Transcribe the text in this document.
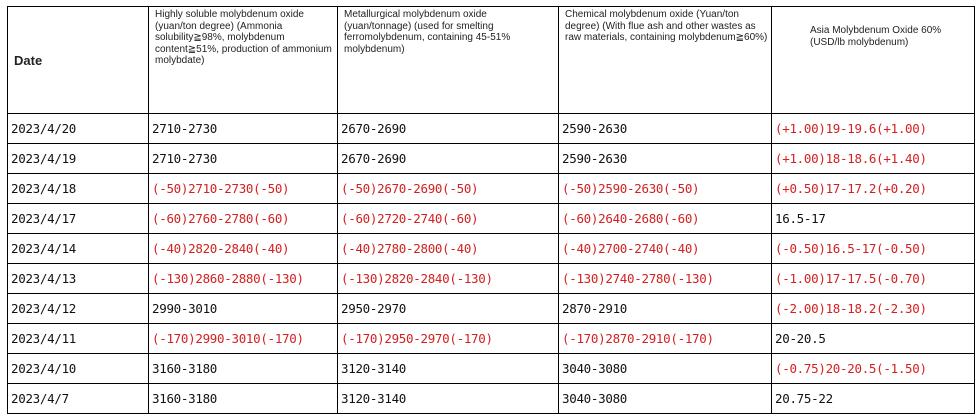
Date	Highly soluble molybdenum oxide (yuan/ton degree) (Ammonia solubility≧98%, molybdenum content≧51%, production of ammonium molybdate)	Metallurgical molybdenum oxide (yuan/tonnage) (used for smelting ferromolybdenum, containing 45-51% molybdenum)	Chemical molybdenum oxide (Yuan/ton degree) (With flue ash and other wastes as raw materials, containing molybdenum≧60%)	Asia Molybdenum Oxide 60% (USD/lb molybdenum)
2023/4/20	2710-2730	2670-2690	2590-2630	(+1.00)19-19.6(+1.00)
2023/4/19	2710-2730	2670-2690	2590-2630	(+1.00)18-18.6(+1.40)
2023/4/18	(-50)2710-2730(-50)	(-50)2670-2690(-50)	(-50)2590-2630(-50)	(+0.50)17-17.2(+0.20)
2023/4/17	(-60)2760-2780(-60)	(-60)2720-2740(-60)	(-60)2640-2680(-60)	16.5-17
2023/4/14	(-40)2820-2840(-40)	(-40)2780-2800(-40)	(-40)2700-2740(-40)	(-0.50)16.5-17(-0.50)
2023/4/13	(-130)2860-2880(-130)	(-130)2820-2840(-130)	(-130)2740-2780(-130)	(-1.00)17-17.5(-0.70)
2023/4/12	2990-3010	2950-2970	2870-2910	(-2.00)18-18.2(-2.30)
2023/4/11	(-170)2990-3010(-170)	(-170)2950-2970(-170)	(-170)2870-2910(-170)	20-20.5
2023/4/10	3160-3180	3120-3140	3040-3080	(-0.75)20-20.5(-1.50)
2023/4/7	3160-3180	3120-3140	3040-3080	20.75-22
